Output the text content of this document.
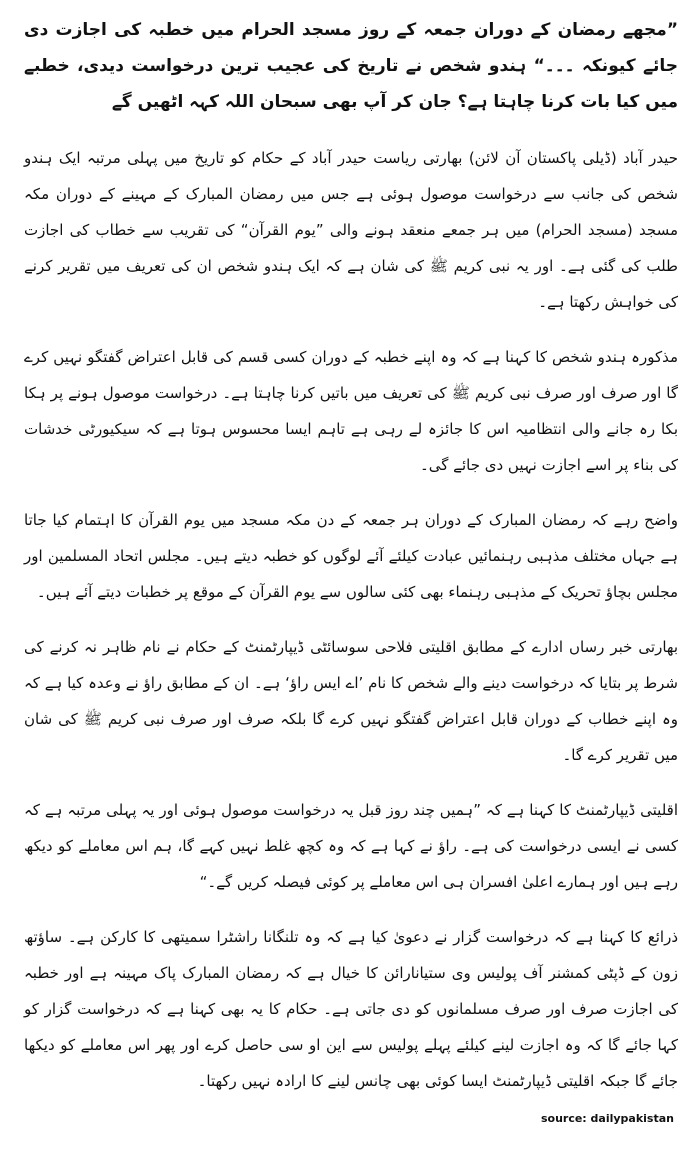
”مجھے رمضان کے دوران جمعہ کے روز مسجد الحرام میں خطبہ کی اجازت دی جائے کیونکہ ۔۔۔“ ہندو شخص نے تاریخ کی عجیب ترین درخواست دیدی، خطبے میں کیا بات کرنا چاہتا ہے؟ جان کر آپ بھی سبحان اللہ کہہ اٹھیں گے

حیدر آباد (ڈیلی پاکستان آن لائن) بھارتی ریاست حیدر آباد کے حکام کو تاریخ میں پہلی مرتبہ ایک ہندو شخص کی جانب سے درخواست موصول ہوئی ہے جس میں رمضان المبارک کے مہینے کے دوران مکہ مسجد (مسجد الحرام) میں ہر جمعے منعقد ہونے والی ”یوم القرآن“ کی تقریب سے خطاب کی اجازت طلب کی گئی ہے۔ اور یہ نبی کریم ﷺ کی شان ہے کہ ایک ہندو شخص ان کی تعریف میں تقریر کرنے کی خواہش رکھتا ہے۔

مذکورہ ہندو شخص کا کہنا ہے کہ وہ اپنے خطبہ کے دوران کسی قسم کی قابل اعتراض گفتگو نہیں کرے گا اور صرف اور صرف نبی کریم ﷺ کی تعریف میں باتیں کرنا چاہتا ہے۔ درخواست موصول ہونے پر ہکا بکا رہ جانے والی انتظامیہ اس کا جائزہ لے رہی ہے تاہم ایسا محسوس ہوتا ہے کہ سیکیورٹی خدشات کی بناء پر اسے اجازت نہیں دی جائے گی۔

واضح رہے کہ رمضان المبارک کے دوران ہر جمعہ کے دن مکہ مسجد میں یوم القرآن کا اہتمام کیا جاتا ہے جہاں مختلف مذہبی رہنمائیں عبادت کیلئے آئے لوگوں کو خطبہ دیتے ہیں۔ مجلس اتحاد المسلمین اور مجلس بچاؤ تحریک کے مذہبی رہنماء بھی کئی سالوں سے یوم القرآن کے موقع پر خطبات دیتے آئے ہیں۔

بھارتی خبر رساں ادارے کے مطابق اقلیتی فلاحی سوسائٹی ڈیپارٹمنٹ کے حکام نے نام ظاہر نہ کرنے کی شرط پر بتایا کہ درخواست دینے والے شخص کا نام ’اے ایس راؤ‘ ہے۔ ان کے مطابق راؤ نے وعدہ کیا ہے کہ وہ اپنے خطاب کے دوران قابل اعتراض گفتگو نہیں کرے گا بلکہ صرف اور صرف نبی کریم ﷺ کی شان میں تقریر کرے گا۔

اقلیتی ڈیپارٹمنٹ کا کہنا ہے کہ ”ہمیں چند روز قبل یہ درخواست موصول ہوئی اور یہ پہلی مرتبہ ہے کہ کسی نے ایسی درخواست کی ہے۔ راؤ نے کہا ہے کہ وہ کچھ غلط نہیں کہے گا، ہم اس معاملے کو دیکھ رہے ہیں اور ہمارے اعلیٰ افسران ہی اس معاملے پر کوئی فیصلہ کریں گے۔“

ذرائع کا کہنا ہے کہ درخواست گزار نے دعویٰ کیا ہے کہ وہ تلنگانا راشٹرا سمیتھی کا کارکن ہے۔ ساؤتھ زون کے ڈپٹی کمشنر آف پولیس وی ستیانارائن کا خیال ہے کہ رمضان المبارک پاک مہینہ ہے اور خطبہ کی اجازت صرف اور صرف مسلمانوں کو دی جاتی ہے۔ حکام کا یہ بھی کہنا ہے کہ درخواست گزار کو کہا جائے گا کہ وہ اجازت لینے کیلئے پہلے پولیس سے این او سی حاصل کرے اور پھر اس معاملے کو دیکھا جائے گا جبکہ اقلیتی ڈیپارٹمنٹ ایسا کوئی بھی چانس لینے کا ارادہ نہیں رکھتا۔

source: dailypakistan
